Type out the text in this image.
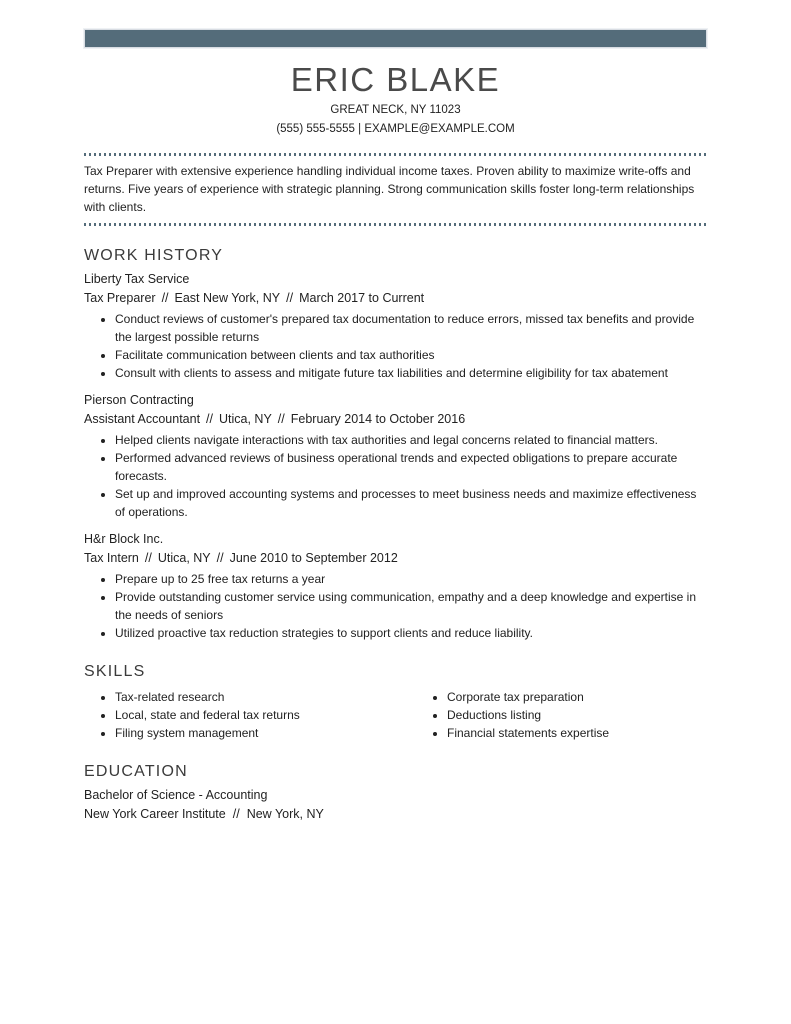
ERIC BLAKE
GREAT NECK, NY 11023
(555) 555-5555 | EXAMPLE@EXAMPLE.COM
Tax Preparer with extensive experience handling individual income taxes. Proven ability to maximize write-offs and returns. Five years of experience with strategic planning. Strong communication skills foster long-term relationships with clients.
WORK HISTORY
Liberty Tax Service
Tax Preparer // East New York, NY // March 2017 to Current
• Conduct reviews of customer's prepared tax documentation to reduce errors, missed tax benefits and provide the largest possible returns
• Facilitate communication between clients and tax authorities
• Consult with clients to assess and mitigate future tax liabilities and determine eligibility for tax abatement
Pierson Contracting
Assistant Accountant // Utica, NY // February 2014 to October 2016
• Helped clients navigate interactions with tax authorities and legal concerns related to financial matters.
• Performed advanced reviews of business operational trends and expected obligations to prepare accurate forecasts.
• Set up and improved accounting systems and processes to meet business needs and maximize effectiveness of operations.
H&r Block Inc.
Tax Intern // Utica, NY // June 2010 to September 2012
• Prepare up to 25 free tax returns a year
• Provide outstanding customer service using communication, empathy and a deep knowledge and expertise in the needs of seniors
• Utilized proactive tax reduction strategies to support clients and reduce liability.
SKILLS
• Tax-related research
• Local, state and federal tax returns
• Filing system management
• Corporate tax preparation
• Deductions listing
• Financial statements expertise
EDUCATION
Bachelor of Science - Accounting
New York Career Institute // New York, NY
